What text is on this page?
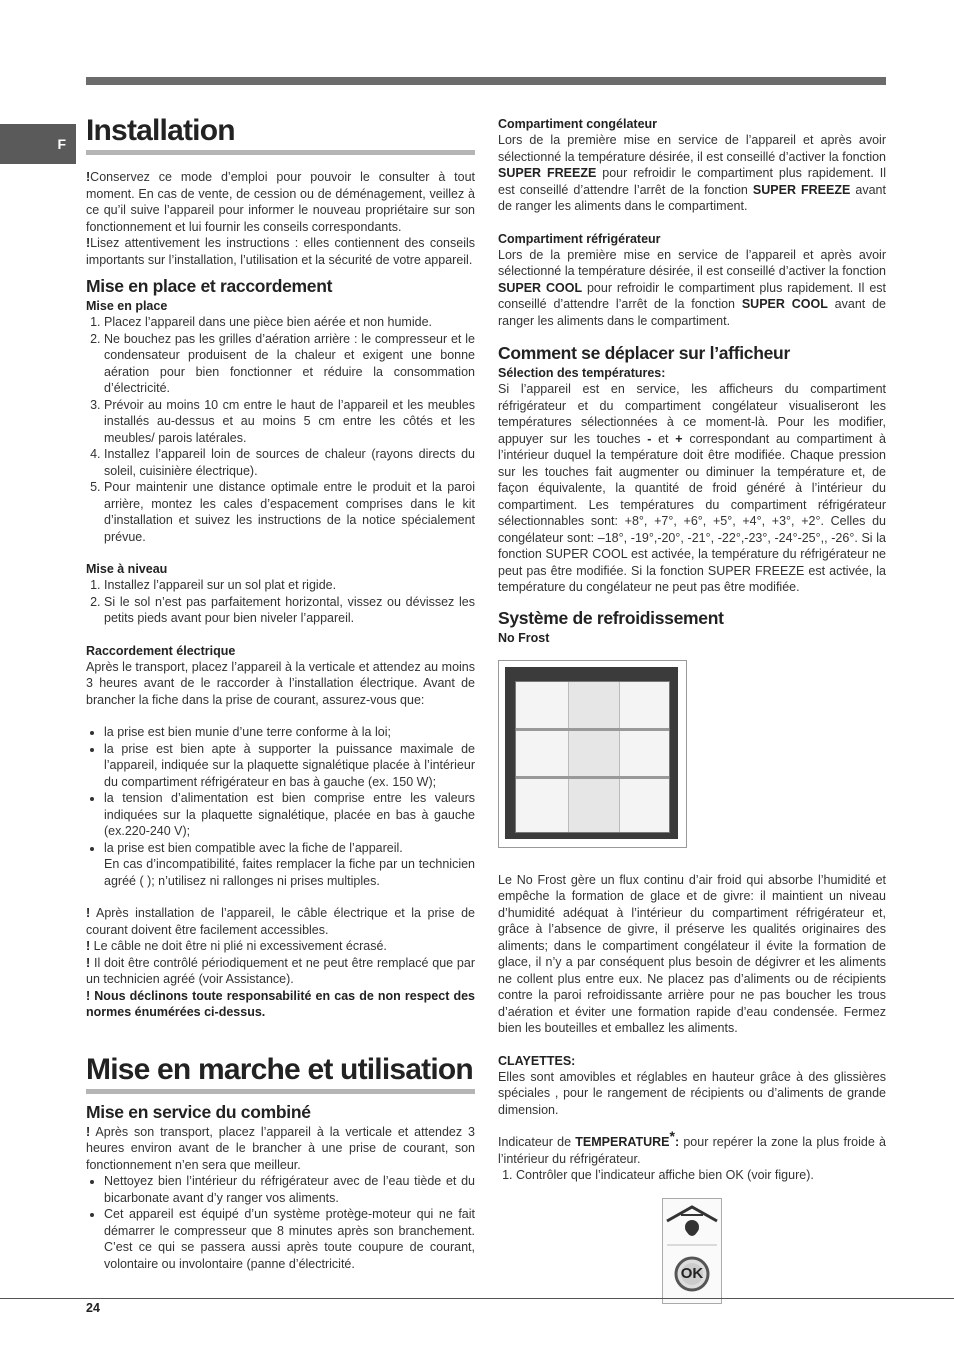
F Installation

!Conservez ce mode d’emploi pour pouvoir le consulter à tout moment. En cas de vente, de cession ou de déménagement, veillez à ce qu’il suive l’appareil pour informer le nouveau propriétaire sur son fonctionnement et lui fournir les conseils correspondants.

!Lisez attentivement les instructions : elles contiennent des conseils importants sur l’installation, l’utilisation et la sécurité de votre appareil.

Mise en place et raccordement
Mise en place
1. Placez l’appareil dans une pièce bien aérée et non humide.
2. Ne bouchez pas les grilles d’aération arrière : le compresseur et le condensateur produisent de la chaleur et exigent une bonne aération pour bien fonctionner et réduire la consommation d’électricité.
3. Prévoir au moins 10 cm entre le haut de l’appareil et les meubles installés au-dessus et au moins 5 cm entre les côtés et les meubles/ parois latérales.
4. Installez l’appareil loin de sources de chaleur (rayons directs du soleil, cuisinière électrique).
5. Pour maintenir une distance optimale entre le produit et la paroi arrière, montez les cales d’espacement comprises dans le kit d’installation et suivez les instructions de la notice spécialement prévue.
Mise à niveau
1. Installez l’appareil sur un sol plat et rigide.
2. Si le sol n’est pas parfaitement horizontal, vissez ou dévissez les petits pieds avant pour bien niveler l’appareil.
Raccordement électrique

Après le transport, placez l’appareil à la verticale et attendez au moins 3 heures avant de le raccorder à l’installation électrique. Avant de brancher la fiche dans la prise de courant, assurez-vous que:

• la prise est bien munie d’une terre conforme à la loi;
• la prise est bien apte à supporter la puissance maximale de l’appareil, indiquée sur la plaquette signalétique placée à l’intérieur du compartiment réfrigérateur en bas à gauche (ex. 150 W);
• la tension d’alimentation est bien comprise entre les valeurs indiquées sur la plaquette signalétique, placée en bas à gauche (ex.220-240 V);
• la prise est bien compatible avec la fiche de l’appareil.
En cas d’incompatibilité, faites remplacer la fiche par un technicien agréé ( ); n’utilisez ni rallonges ni prises multiples.

! Après installation de l’appareil, le câble électrique et la prise de courant doivent être facilement accessibles.

! Le câble ne doit être ni plié ni excessivement écrasé.

! Il doit être contrôlé périodiquement et ne peut être remplacé que par un technicien agréé (voir Assistance).

! Nous déclinons toute responsabilité en cas de non respect des normes énumérées ci-dessus.

Mise en marche et utilisation
Mise en service du combiné

! Après son transport, placez l’appareil à la verticale et attendez 3 heures environ avant de le brancher à une prise de courant, son fonctionnement n’en sera que meilleur.

• Nettoyez bien l’intérieur du réfrigérateur avec de l’eau tiède et du bicarbonate avant d’y ranger vos aliments.
• Cet appareil est équipé d’un système protège-moteur qui ne fait démarrer le compresseur que 8 minutes après son branchement. C’est ce qui se passera aussi après toute coupure de courant, volontaire ou involontaire (panne d’électricité.
Compartiment congélateur

Lors de la première mise en service de l’appareil et après avoir sélectionné la température désirée, il est conseillé d’activer la fonction SUPER FREEZE pour refroidir le compartiment plus rapidement. Il est conseillé d’attendre l’arrêt de la fonction SUPER FREEZE avant de ranger les aliments dans le compartiment.

Compartiment réfrigérateur

Lors de la première mise en service de l’appareil et après avoir sélectionné la température désirée, il est conseillé d’activer la fonction SUPER COOL pour refroidir le compartiment plus rapidement. Il est conseillé d’attendre l’arrêt de la fonction SUPER COOL avant de ranger les aliments dans le compartiment.

Comment se déplacer sur l’afficheur
Sélection des températures:

Si l’appareil est en service, les afficheurs du compartiment réfrigérateur et du compartiment congélateur visualiseront les températures sélectionnées à ce moment-là. Pour les modifier, appuyer sur les touches - et + correspondant au compartiment à l’intérieur duquel la température doit être modifiée. Chaque pression sur les touches fait augmenter ou diminuer la température et, de façon équivalente, la quantité de froid généré à l’intérieur du compartiment. Les températures du compartiment réfrigérateur sélectionnables sont: +8°, +7°, +6°, +5°, +4°, +3°, +2°. Celles du congélateur sont: –18°, -19°,-20°, -21°, -22°,-23°, -24°-25°,, -26°. Si la fonction SUPER COOL est activée, la température du réfrigérateur ne peut pas être modifiée. Si la fonction SUPER FREEZE est activée, la température du congélateur ne peut pas être modifiée.

Système de refroidissement
No Frost

Le No Frost gère un flux continu d’air froid qui absorbe l’humidité et empêche la formation de glace et de givre: il maintient un niveau d’humidité adéquat à l’intérieur du compartiment réfrigérateur et, grâce à l’absence de givre, il préserve les qualités originaires des aliments; dans le compartiment congélateur il évite la formation de glace, il n’y a par conséquent plus besoin de dégivrer et les aliments ne collent plus entre eux. Ne placez pas d’aliments ou de récipients contre la paroi refroidissante arrière pour ne pas boucher les trous d’aération et éviter une formation rapide d’eau condensée. Fermez bien les bouteilles et emballez les aliments.

CLAYETTES:

Elles sont amovibles et réglables en hauteur grâce à des glissières spéciales , pour le rangement de récipients ou d’aliments de grande dimension.

Indicateur de TEMPERATURE*: pour repérer la zone la plus froide à l’intérieur du réfrigérateur.

1. Contrôler que l’indicateur affiche bien OK (voir figure).
OK
24
